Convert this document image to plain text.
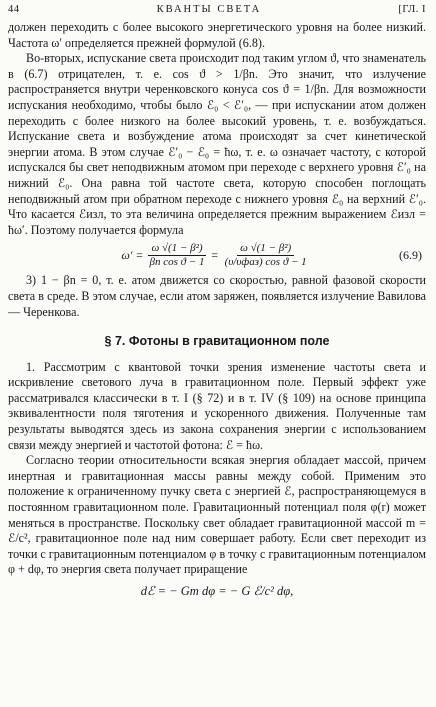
44	КВАНТЫ СВЕТА	[ГЛ. I

должен переходить с более высокого энергетического уровня на более низкий. Частота ω′ определяется прежней формулой (6.8).

Во-вторых, испускание света происходит под таким углом ϑ, что знаменатель в (6.7) отрицателен, т. е. cos ϑ > 1/βn. Это значит, что излучение распространяется внутри черенковского конуса cos ϑ = 1/βn. Для возможности испускания необходимо, чтобы было ℰ₀ < ℰ′₀, — при испускании атом должен переходить с более низкого на более высокий уровень, т. е. возбуждаться. Испускание света и возбуждение атома происходят за счет кинетической энергии атома. В этом случае ℰ′₀ − ℰ₀ = ħω, т. е. ω означает частоту, с которой испускался бы свет неподвижным атомом при переходе с верхнего уровня ℰ′₀ на нижний ℰ₀. Она равна той частоте света, которую способен поглощать неподвижный атом при обратном переходе с нижнего уровня ℰ₀ на верхний ℰ′₀. Что касается ℰизл, то эта величина определяется прежним выражением ℰизл = ħω′. Поэтому получается формула

$\omega' = \frac{\text{ω √(1 − β²)}}{\text{βn cos ϑ − 1}} = \frac{\text{ω √(1 − β²)}}{\text{(υ/υфаз) cos ϑ − 1}}$	(6.9)

3) 1 − βn = 0, т. е. атом движется со скоростью, равной фазовой скорости света в среде. В этом случае, если атом заряжен, появляется излучение Вавилова — Черенкова.

§ 7. Фотоны в гравитационном поле

1. Рассмотрим с квантовой точки зрения изменение частоты света и искривление светового луча в гравитационном поле. Первый эффект уже рассматривался классически в т. I (§ 72) и в т. IV (§ 109) на основе принципа эквивалентности поля тяготения и ускоренного движения. Полученные там результаты выводятся здесь из закона сохранения энергии с использованием связи между энергией и частотой фотона: ℰ = ħω.

Согласно теории относительности всякая энергия обладает массой, причем инертная и гравитационная массы равны между собой. Применим это положение к ограниченному пучку света с энергией ℰ, распространяющемуся в постоянном гравитационном поле. Гравитационный потенциал поля φ(r) может меняться в пространстве. Поскольку свет обладает гравитационной массой m = ℰ/c², гравитационное поле над ним совершает работу. Если свет переходит из точки с гравитационным потенциалом φ в точку с гравитационным потенциалом φ + dφ, то энергия света получает приращение

dℰ = − Gm dφ = − G ℰ/c² dφ,
